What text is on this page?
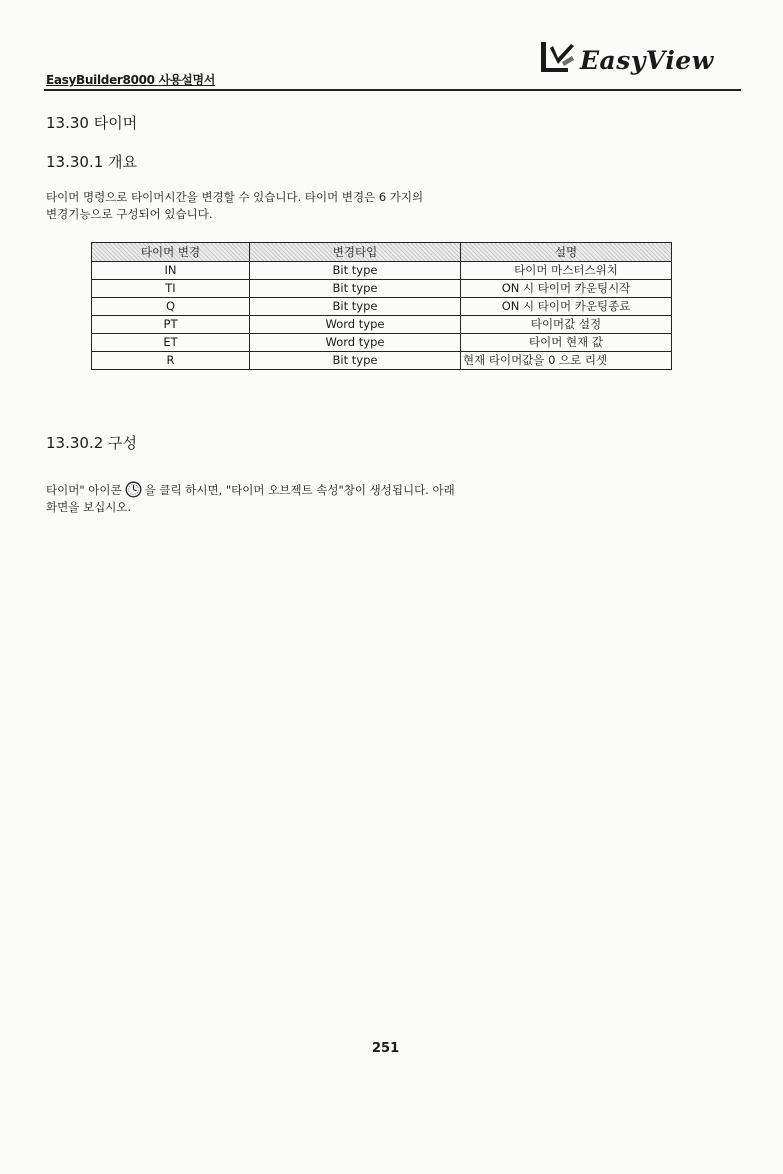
EasyBuilder8000 사용설명서
EasyView
13.30 타이머
13.30.1 개요
타이머 명령으로 타이머시간을 변경할 수 있습니다. 타이머 변경은 6 가지의
변경기능으로 구성되어 있습니다.
타이머 변경	변경타입	설명
IN	Bit type	타이머 마스터스위치
TI	Bit type	ON 시 타이머 카운팅시작
Q	Bit type	ON 시 타이머 카운팅종료
PT	Word type	타이머값 설정
ET	Word type	타이머 현재 값
R	Bit type	현재 타이머값을 0 으로 리셋
13.30.2 구성
타이머" 아이콘 을 클릭 하시면, "타이머 오브젝트 속성"창이 생성됩니다. 아래
화면을 보십시오.
251
